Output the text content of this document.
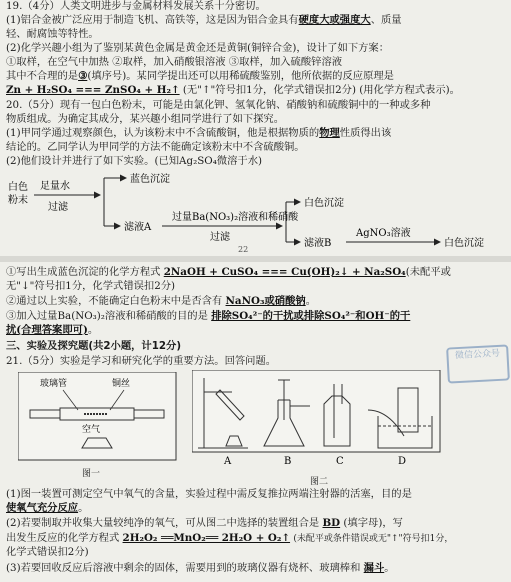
19.（4分）人类文明进步与金属材料发展关系十分密切。
(1)铝合金被广泛应用于制造飞机、高铁等，这是因为铝合金具有硬度大或强度大、质量
轻、耐腐蚀等特性。
(2)化学兴趣小组为了鉴别某黄色金属是黄金还是黄铜(铜锌合金)，设计了如下方案：
①取样，在空气中加热 ②取样，加入硝酸银溶液 ③取样，加入硫酸锌溶液
其中不合理的是③(填序号)。某同学提出还可以用稀硫酸鉴别，他所依据的反应原理是
Zn + H₂SO₄ === ZnSO₄ + H₂↑ (无"↑"符号扣1分，化学式错误扣2分) (用化学方程式表示)。
20.（5分）现有一包白色粉末，可能是由氯化钾、氢氧化钠、硝酸钠和硫酸铜中的一种或多种
物质组成。为确定其成分，某兴趣小组同学进行了如下探究。
(1)甲同学通过观察颜色，认为该粉末中不含硫酸铜，他是根据物质的物理性质得出该
结论的。乙同学认为甲同学的方法不能确定该粉末中不含硫酸铜。
(2)他们设计并进行了如下实验。(已知Ag₂SO₄微溶于水)
白色
粉末
足量水
过滤
蓝色沉淀
滤液A
过量Ba(NO₃)₂溶液和稀硝酸
过滤
22
白色沉淀
滤液B
AgNO₃溶液
白色沉淀
①写出生成蓝色沉淀的化学方程式 2NaOH + CuSO₄ === Cu(OH)₂↓ + Na₂SO₄(未配平或
无"↓"符号扣1分，化学式错误扣2分)
②通过以上实验，不能确定白色粉末中是否含有 NaNO₃或硝酸钠。
③加入过量Ba(NO₃)₂溶液和稀硝酸的目的是 排除SO₄²⁻的干扰或排除SO₄²⁻和OH⁻的干
扰(合理答案即可)。
三、实验及探究题(共2小题，计12分)
21.（5分）实验是学习和研究化学的重要方法。回答问题。	微信公众号
玻璃管	铜丝
空气
图一
A	B	C	D
图二
(1)图一装置可测定空气中氧气的含量，实验过程中需反复推拉两端注射器的活塞，目的是
使氧气充分反应。
(2)若要制取并收集大量较纯净的氧气，可从图二中选择的装置组合是 BD (填字母)，写
出发生反应的化学方程式 2H₂O₂ ══MnO₂══ 2H₂O + O₂↑ (未配平或条件错误或无"↑"符号扣1分，
化学式错误扣2分)
(3)若要回收反应后溶液中剩余的固体，需要用到的玻璃仪器有烧杯、玻璃棒和 漏斗。
